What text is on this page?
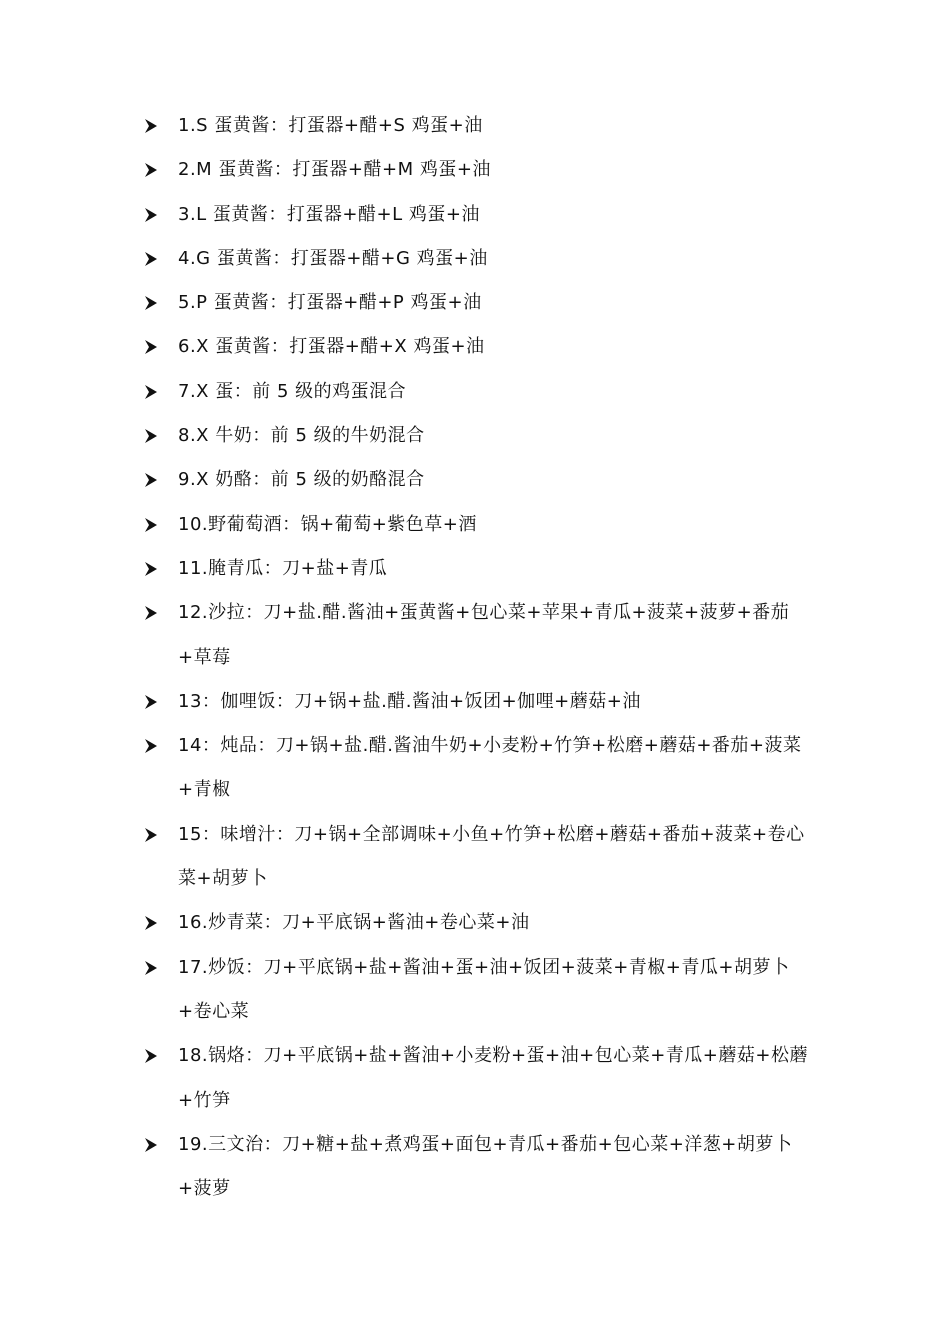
1.S 蛋黄酱：打蛋器+醋+S 鸡蛋+油
2.M 蛋黄酱：打蛋器+醋+M 鸡蛋+油
3.L 蛋黄酱：打蛋器+醋+L 鸡蛋+油
4.G 蛋黄酱：打蛋器+醋+G 鸡蛋+油
5.P 蛋黄酱：打蛋器+醋+P 鸡蛋+油
6.X 蛋黄酱：打蛋器+醋+X 鸡蛋+油
7.X 蛋：前 5 级的鸡蛋混合
8.X 牛奶：前 5 级的牛奶混合
9.X 奶酪：前 5 级的奶酪混合
10.野葡萄酒：锅+葡萄+紫色草+酒
11.腌青瓜：刀+盐+青瓜
12.沙拉：刀+盐.醋.酱油+蛋黄酱+包心菜+苹果+青瓜+菠菜+菠萝+番茄+草莓
13：伽哩饭：刀+锅+盐.醋.酱油+饭团+伽哩+蘑菇+油
14：炖品：刀+锅+盐.醋.酱油牛奶+小麦粉+竹笋+松磨+蘑菇+番茄+菠菜+青椒
15：味增汁：刀+锅+全部调味+小鱼+竹笋+松磨+蘑菇+番茄+菠菜+卷心菜+胡萝卜
16.炒青菜：刀+平底锅+酱油+卷心菜+油
17.炒饭：刀+平底锅+盐+酱油+蛋+油+饭团+菠菜+青椒+青瓜+胡萝卜+卷心菜
18.锅烙：刀+平底锅+盐+酱油+小麦粉+蛋+油+包心菜+青瓜+蘑菇+松蘑+竹笋
19.三文治：刀+糖+盐+煮鸡蛋+面包+青瓜+番茄+包心菜+洋葱+胡萝卜+菠萝
